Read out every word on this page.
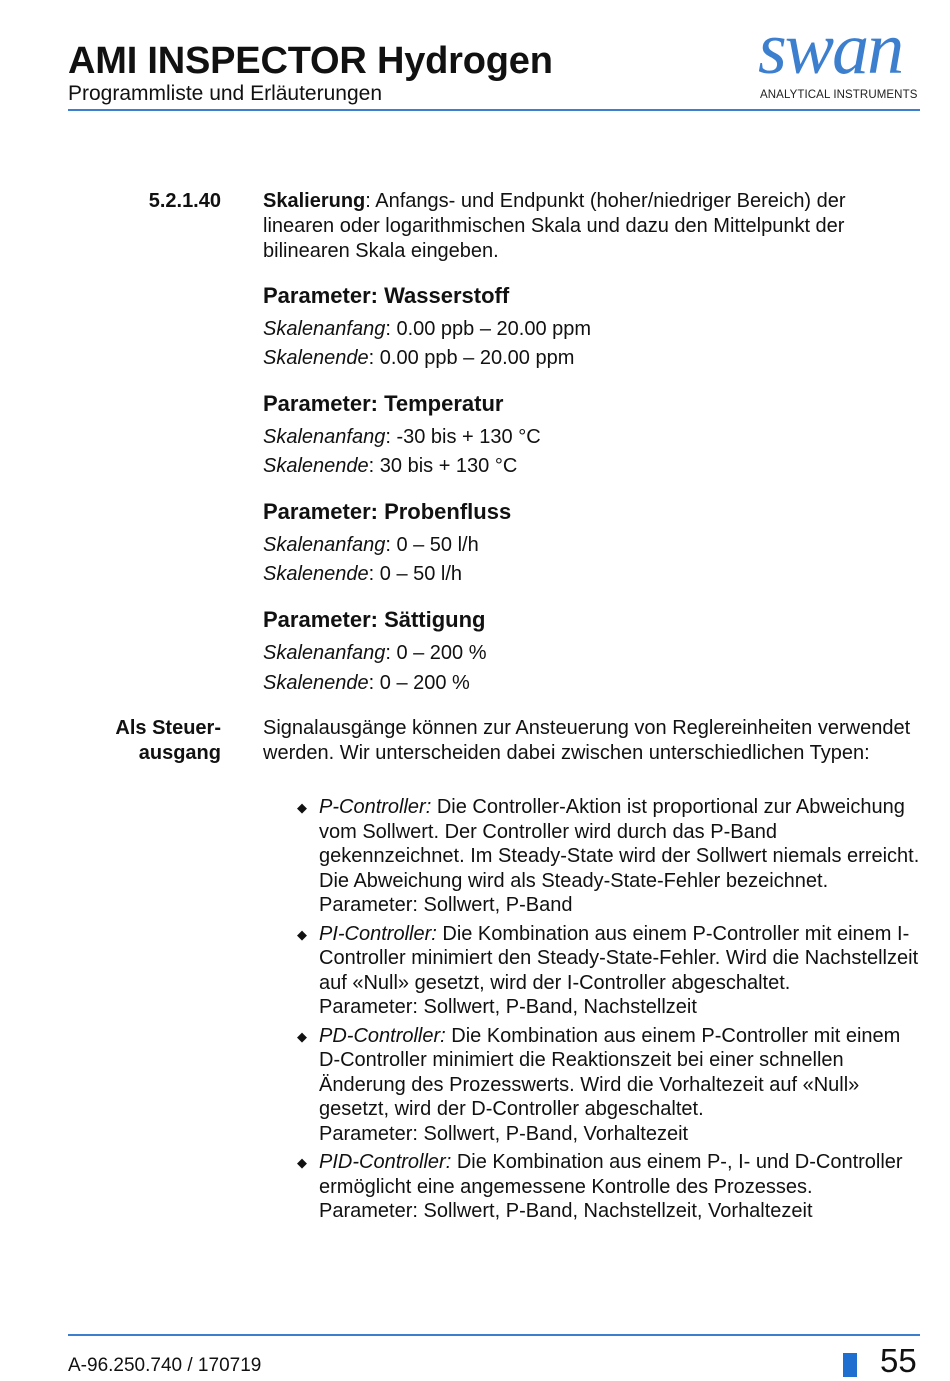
AMI INSPECTOR Hydrogen
Programmliste und Erläuterungen
swan
ANALYTICAL INSTRUMENTS
5.2.1.40 Skalierung: Anfangs- und Endpunkt (hoher/niedriger Bereich) der linearen oder logarithmischen Skala und dazu den Mittelpunkt der bilinearen Skala eingeben.

Parameter: Wasserstoff
Skalenanfang: 0.00 ppb – 20.00 ppm
Skalenende: 0.00 ppb – 20.00 ppm
Parameter: Temperatur
Skalenanfang: -30 bis + 130 °C
Skalenende: 30 bis + 130 °C
Parameter: Probenfluss
Skalenanfang: 0 – 50 l/h
Skalenende: 0 – 50 l/h
Parameter: Sättigung
Skalenanfang: 0 – 200 %
Skalenende: 0 – 200 %
Als Steuer-
ausgang

Signalausgänge können zur Ansteuerung von Reglereinheiten verwendet werden. Wir unterscheiden dabei zwischen unterschiedlichen Typen:

◆ P-Controller: Die Controller-Aktion ist proportional zur Abweichung vom Sollwert. Der Controller wird durch das P-Band gekennzeichnet. Im Steady-State wird der Sollwert niemals erreicht. Die Abweichung wird als Steady-State-Fehler bezeichnet. Parameter: Sollwert, P-Band
◆ PI-Controller: Die Kombination aus einem P-Controller mit einem I-Controller minimiert den Steady-State-Fehler. Wird die Nachstellzeit auf «Null» gesetzt, wird der I-Controller abgeschaltet.
Parameter: Sollwert, P-Band, Nachstellzeit
◆ PD-Controller: Die Kombination aus einem P-Controller mit einem D-Controller minimiert die Reaktionszeit bei einer schnellen Änderung des Prozesswerts. Wird die Vorhaltezeit auf «Null» gesetzt, wird der D-Controller abgeschaltet.
Parameter: Sollwert, P-Band, Vorhaltezeit
◆ PID-Controller: Die Kombination aus einem P-, I- und D-Controller ermöglicht eine angemessene Kontrolle des Prozesses.
Parameter: Sollwert, P-Band, Nachstellzeit, Vorhaltezeit
A-96.250.740 / 170719	55
